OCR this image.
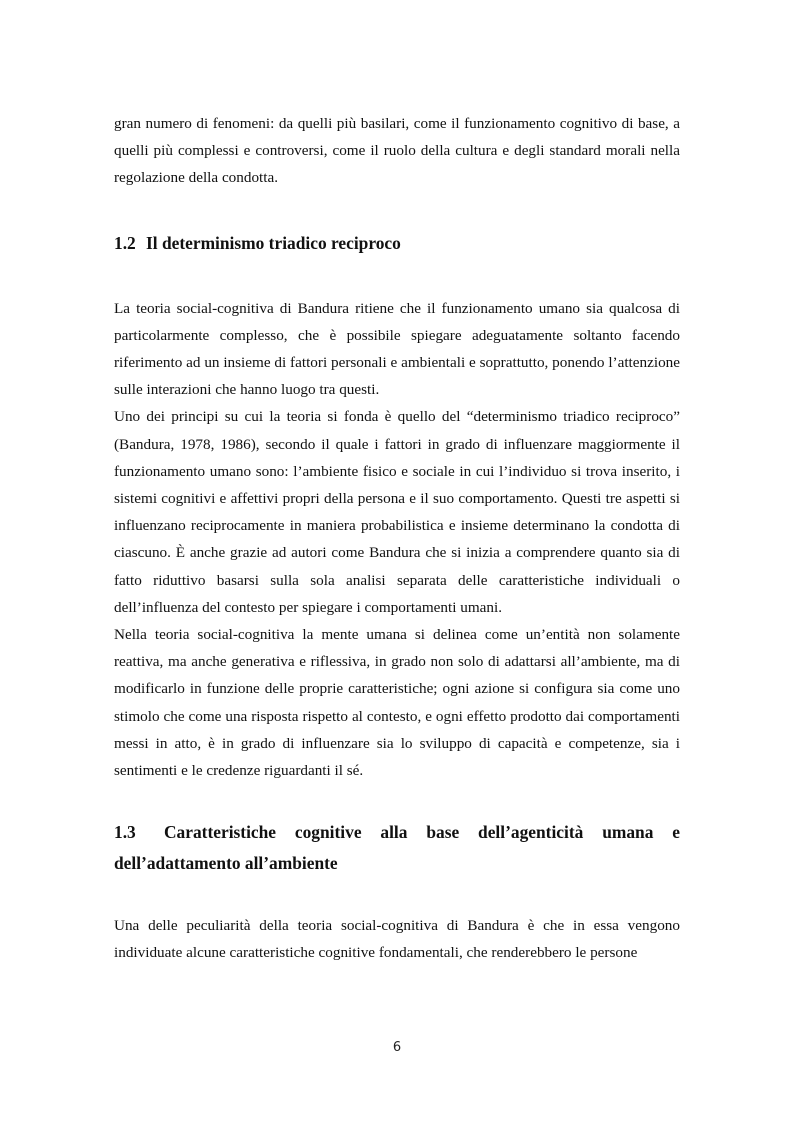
gran numero di fenomeni: da quelli più basilari, come il funzionamento cognitivo di base, a quelli più complessi e controversi, come il ruolo della cultura e degli standard morali nella regolazione della condotta.

1.2 Il determinismo triadico reciproco

La teoria social-cognitiva di Bandura ritiene che il funzionamento umano sia qualcosa di particolarmente complesso, che è possibile spiegare adeguatamente soltanto facendo riferimento ad un insieme di fattori personali e ambientali e soprattutto, ponendo l’attenzione sulle interazioni che hanno luogo tra questi.

Uno dei principi su cui la teoria si fonda è quello del “determinismo triadico reciproco” (Bandura, 1978, 1986), secondo il quale i fattori in grado di influenzare maggiormente il funzionamento umano sono: l’ambiente fisico e sociale in cui l’individuo si trova inserito, i sistemi cognitivi e affettivi propri della persona e il suo comportamento. Questi tre aspetti si influenzano reciprocamente in maniera probabilistica e insieme determinano la condotta di ciascuno. È anche grazie ad autori come Bandura che si inizia a comprendere quanto sia di fatto riduttivo basarsi sulla sola analisi separata delle caratteristiche individuali o dell’influenza del contesto per spiegare i comportamenti umani.

Nella teoria social-cognitiva la mente umana si delinea come un’entità non solamente reattiva, ma anche generativa e riflessiva, in grado non solo di adattarsi all’ambiente, ma di modificarlo in funzione delle proprie caratteristiche; ogni azione si configura sia come uno stimolo che come una risposta rispetto al contesto, e ogni effetto prodotto dai comportamenti messi in atto, è in grado di influenzare sia lo sviluppo di capacità e competenze, sia i sentimenti e le credenze riguardanti il sé.

1.3 Caratteristiche cognitive alla base dell’agenticità umana e dell’adattamento all’ambiente

Una delle peculiarità della teoria social-cognitiva di Bandura è che in essa vengono individuate alcune caratteristiche cognitive fondamentali, che renderebbero le persone

6
